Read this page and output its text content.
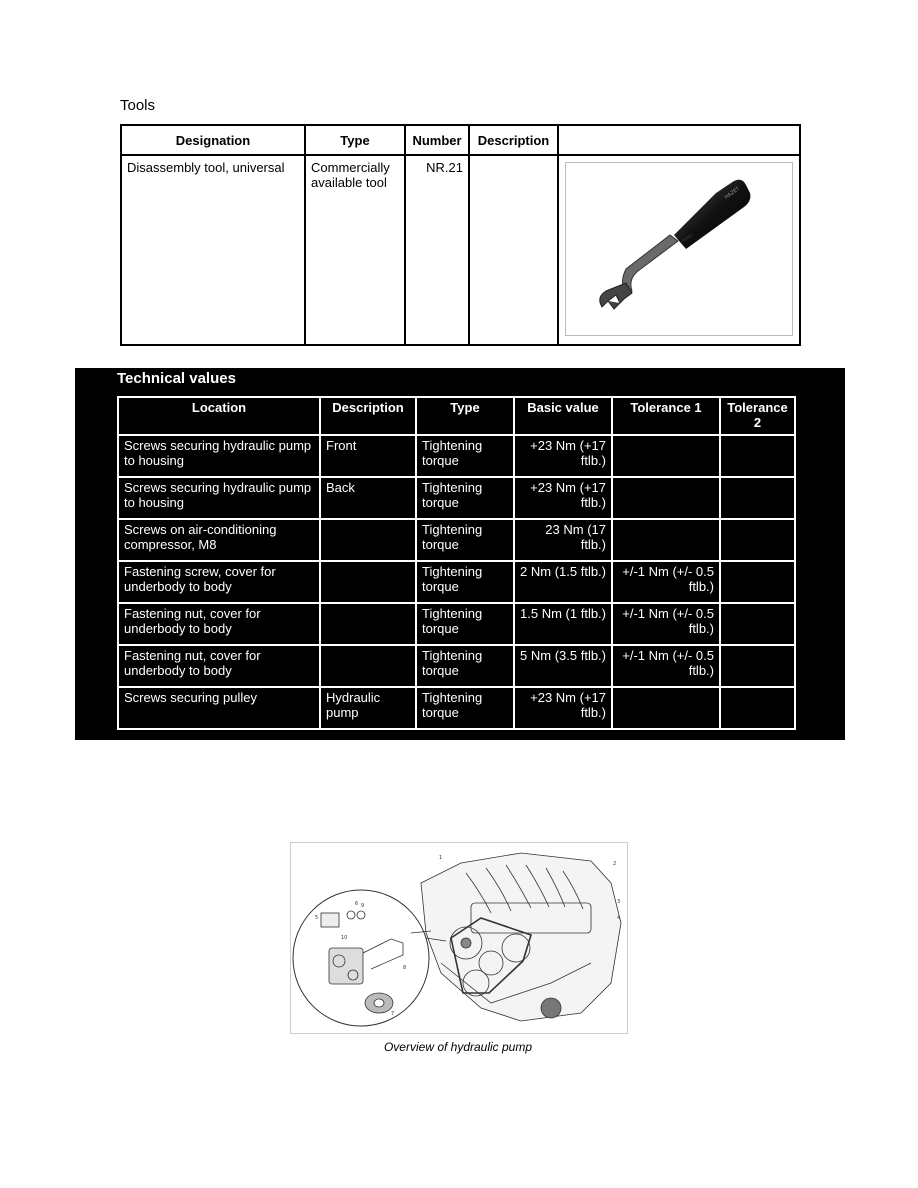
Tools
Designation	Type	Number	Description	
Disassembly tool, universal	Commercially available tool	NR.21		HAZET
Technical values
Location	Description	Type	Basic value	Tolerance 1	Tolerance 2
Screws securing hydraulic pump to housing	Front	Tightening torque	+23 Nm (+17 ftlb.)		
Screws securing hydraulic pump to housing	Back	Tightening torque	+23 Nm (+17 ftlb.)		
Screws on air-conditioning compressor, M8		Tightening torque	23 Nm (17 ftlb.)		
Fastening screw, cover for underbody to body		Tightening torque	2 Nm (1.5 ftlb.)	+/-1 Nm (+/- 0.5 ftlb.)	
Fastening nut, cover for underbody to body		Tightening torque	1.5 Nm (1 ftlb.)	+/-1 Nm (+/- 0.5 ftlb.)	
Fastening nut, cover for underbody to body		Tightening torque	5 Nm (3.5 ftlb.)	+/-1 Nm (+/- 0.5 ftlb.)	
Screws securing pulley	Hydraulic pump	Tightening torque	+23 Nm (+17 ftlb.)		
1
2
3
4
5
6
7
8
9
10
Overview of hydraulic pump
